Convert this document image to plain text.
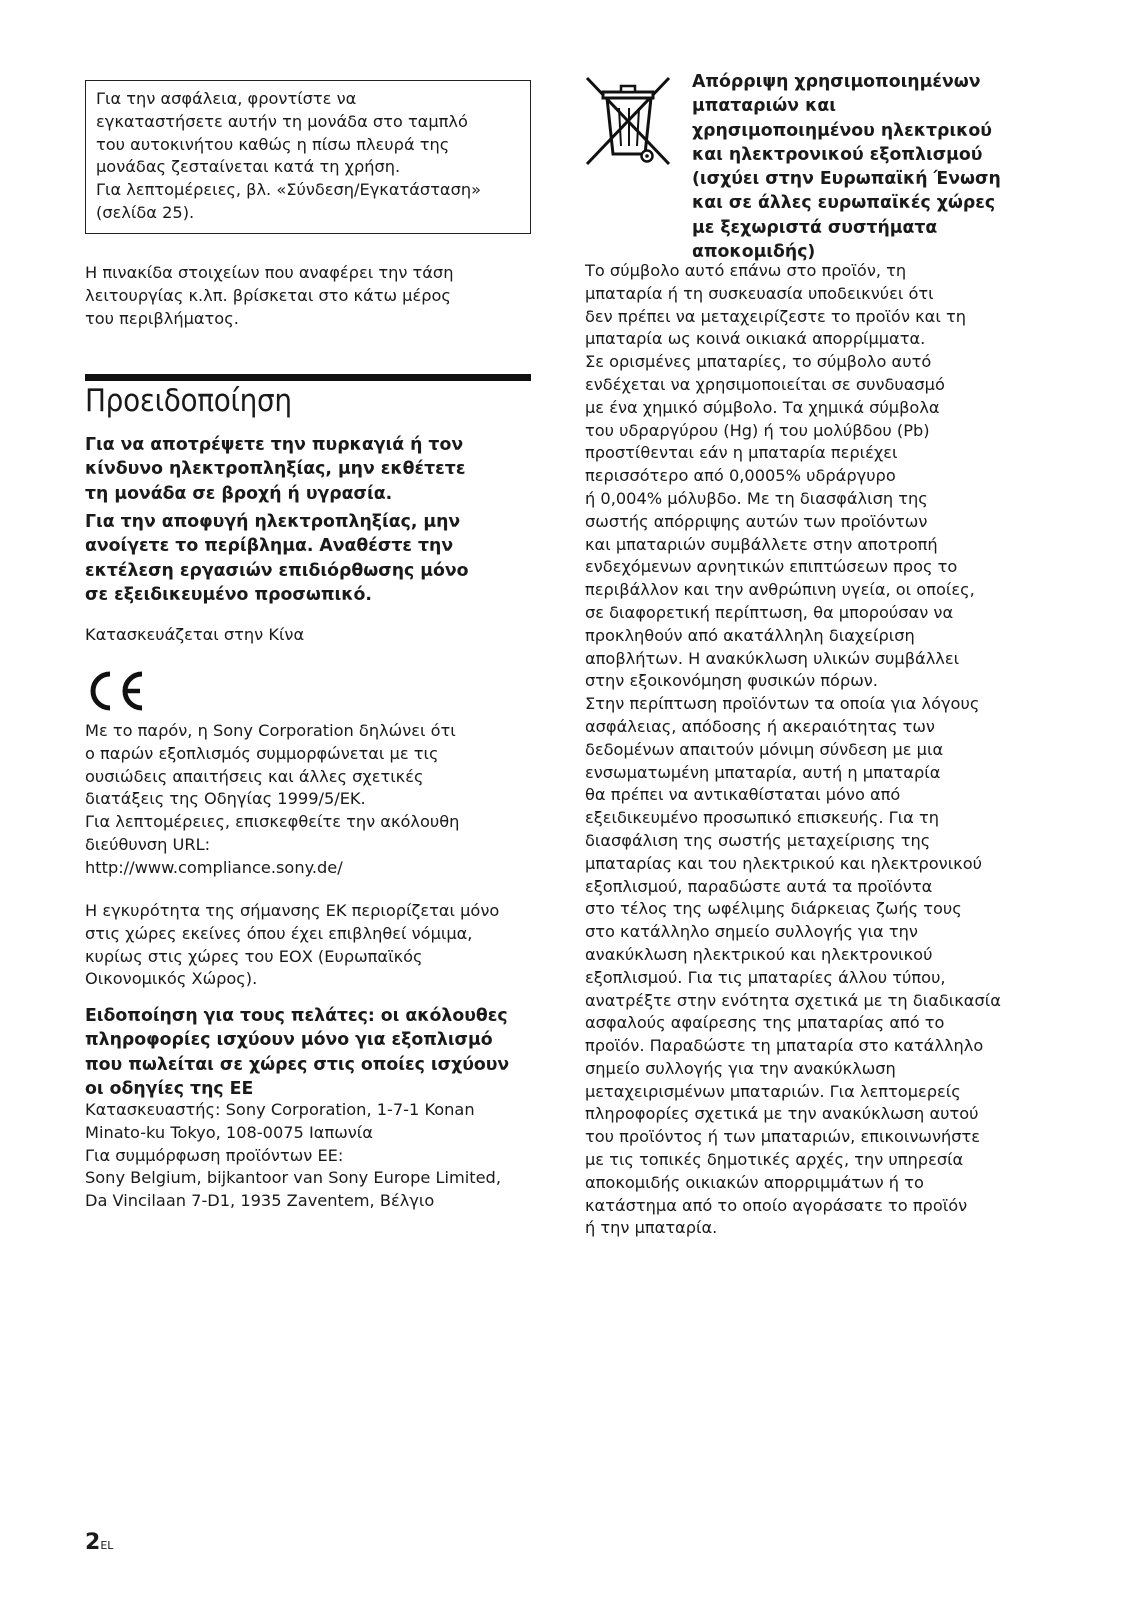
Για την ασφάλεια, φροντίστε να
εγκαταστήσετε αυτήν τη μονάδα στο ταμπλό
του αυτοκινήτου καθώς η πίσω πλευρά της
μονάδας ζεσταίνεται κατά τη χρήση.
Για λεπτομέρειες, βλ. «Σύνδεση/Εγκατάσταση»
(σελίδα 25).

Η πινακίδα στοιχείων που αναφέρει την τάση
λειτουργίας κ.λπ. βρίσκεται στο κάτω μέρος
του περιβλήματος.

Προειδοποίηση

Για να αποτρέψετε την πυρκαγιά ή τον
κίνδυνο ηλεκτροπληξίας, μην εκθέτετε
τη μονάδα σε βροχή ή υγρασία.

Για την αποφυγή ηλεκτροπληξίας, μην
ανοίγετε το περίβλημα. Αναθέστε την
εκτέλεση εργασιών επιδιόρθωσης μόνο
σε εξειδικευμένο προσωπικό.

Κατασκευάζεται στην Κίνα

Με το παρόν, η Sony Corporation δηλώνει ότι
ο παρών εξοπλισμός συμμορφώνεται με τις
ουσιώδεις απαιτήσεις και άλλες σχετικές
διατάξεις της Οδηγίας 1999/5/ΕΚ.
Για λεπτομέρειες, επισκεφθείτε την ακόλουθη
διεύθυνση URL:
http://www.compliance.sony.de/

Η εγκυρότητα της σήμανσης ΕΚ περιορίζεται μόνο
στις χώρες εκείνες όπου έχει επιβληθεί νόμιμα,
κυρίως στις χώρες του ΕΟΧ (Ευρωπαϊκός
Οικονομικός Χώρος).

Ειδοποίηση για τους πελάτες: οι ακόλουθες
πληροφορίες ισχύουν μόνο για εξοπλισμό
που πωλείται σε χώρες στις οποίες ισχύουν
οι οδηγίες της ΕΕ

Κατασκευαστής: Sony Corporation, 1-7-1 Konan
Minato-ku Tokyo, 108-0075 Ιαπωνία
Για συμμόρφωση προϊόντων ΕΕ:
Sony Belgium, bijkantoor van Sony Europe Limited,
Da Vincilaan 7-D1, 1935 Zaventem, Βέλγιο

Απόρριψη χρησιμοποιημένων
μπαταριών και
χρησιμοποιημένου ηλεκτρικού
και ηλεκτρονικού εξοπλισμού
(ισχύει στην Ευρωπαϊκή Ένωση
και σε άλλες ευρωπαϊκές χώρες
με ξεχωριστά συστήματα
αποκομιδής)

Το σύμβολο αυτό επάνω στο προϊόν, τη
μπαταρία ή τη συσκευασία υποδεικνύει ότι
δεν πρέπει να μεταχειρίζεστε το προϊόν και τη
μπαταρία ως κοινά οικιακά απορρίμματα.
Σε ορισμένες μπαταρίες, το σύμβολο αυτό
ενδέχεται να χρησιμοποιείται σε συνδυασμό
με ένα χημικό σύμβολο. Τα χημικά σύμβολα
του υδραργύρου (Hg) ή του μολύβδου (Pb)
προστίθενται εάν η μπαταρία περιέχει
περισσότερο από 0,0005% υδράργυρο
ή 0,004% μόλυβδο. Με τη διασφάλιση της
σωστής απόρριψης αυτών των προϊόντων
και μπαταριών συμβάλλετε στην αποτροπή
ενδεχόμενων αρνητικών επιπτώσεων προς το
περιβάλλον και την ανθρώπινη υγεία, οι οποίες,
σε διαφορετική περίπτωση, θα μπορούσαν να
προκληθούν από ακατάλληλη διαχείριση
αποβλήτων. Η ανακύκλωση υλικών συμβάλλει
στην εξοικονόμηση φυσικών πόρων.
Στην περίπτωση προϊόντων τα οποία για λόγους
ασφάλειας, απόδοσης ή ακεραιότητας των
δεδομένων απαιτούν μόνιμη σύνδεση με μια
ενσωματωμένη μπαταρία, αυτή η μπαταρία
θα πρέπει να αντικαθίσταται μόνο από
εξειδικευμένο προσωπικό επισκευής. Για τη
διασφάλιση της σωστής μεταχείρισης της
μπαταρίας και του ηλεκτρικού και ηλεκτρονικού
εξοπλισμού, παραδώστε αυτά τα προϊόντα
στο τέλος της ωφέλιμης διάρκειας ζωής τους
στο κατάλληλο σημείο συλλογής για την
ανακύκλωση ηλεκτρικού και ηλεκτρονικού
εξοπλισμού. Για τις μπαταρίες άλλου τύπου,
ανατρέξτε στην ενότητα σχετικά με τη διαδικασία
ασφαλούς αφαίρεσης της μπαταρίας από το
προϊόν. Παραδώστε τη μπαταρία στο κατάλληλο
σημείο συλλογής για την ανακύκλωση
μεταχειρισμένων μπαταριών. Για λεπτομερείς
πληροφορίες σχετικά με την ανακύκλωση αυτού
του προϊόντος ή των μπαταριών, επικοινωνήστε
με τις τοπικές δημοτικές αρχές, την υπηρεσία
αποκομιδής οικιακών απορριμμάτων ή το
κατάστημα από το οποίο αγοράσατε το προϊόν
ή την μπαταρία.

2EL
